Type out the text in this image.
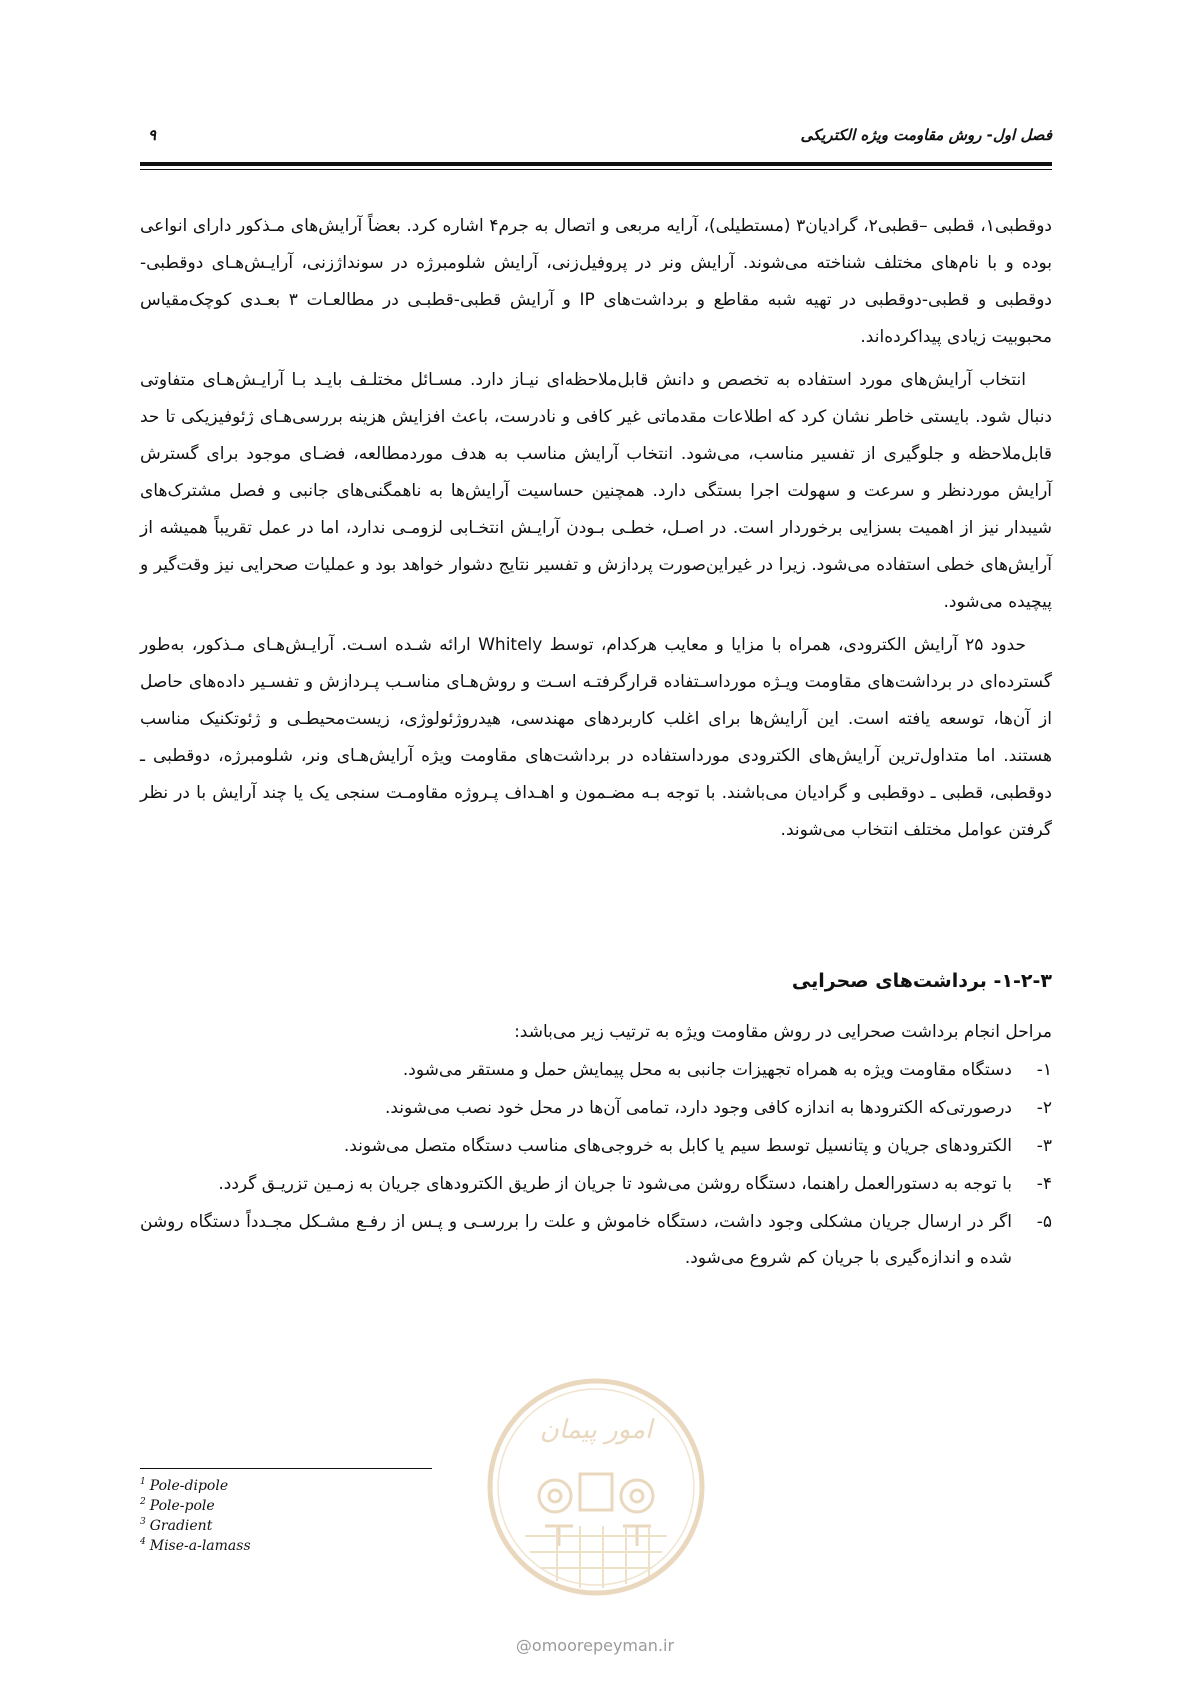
فصل اول- روش مقاومت ویژه الکتریکی
۹

دوقطبی۱، قطبی –قطبی۲، گرادیان۳ (مستطیلی)، آرایه مربعی و اتصال به جرم۴ اشاره کرد. بعضاً آرایش‌های مـذکور دارای انواعی بوده و با نام‌های مختلف شناخته می‌شوند. آرایش ونر در پروفیل‌زنی، آرایش شلومبرژه در سونداژزنی، آرایـش‌هـای دوقطبی-دوقطبی و قطبی-دوقطبی در تهیه شبه مقاطع و برداشت‌های IP و آرایش قطبی-قطبـی در مطالعـات ۳ بعـدی کوچک‌مقیاس محبوبیت زیادی پیداکرده‌اند.

انتخاب آرایش‌های مورد استفاده به تخصص و دانش قابل‌ملاحظه‌ای نیـاز دارد. مسـائل مختلـف بایـد بـا آرایـش‌هـای متفاوتی دنبال شود. بایستی خاطر نشان کرد که اطلاعات مقدماتی غیر کافی و نادرست، باعث افزایش هزینه بررسی‌هـای ژئوفیزیکی تا حد قابل‌ملاحظه و جلوگیری از تفسیر مناسب، می‌شود. انتخاب آرایش مناسب به هدف موردمطالعه، فضـای موجود برای گسترش آرایش موردنظر و سرعت و سهولت اجرا بستگی دارد. همچنین حساسیت آرایش‌ها به ناهمگنی‌های جانبی و فصل مشترک‌های شیبدار نیز از اهمیت بسزایی برخوردار است. در اصـل، خطـی بـودن آرایـش انتخـابی لزومـی ندارد، اما در عمل تقریباً همیشه از آرایش‌های خطی استفاده می‌شود. زیرا در غیراین‌صورت پردازش و تفسیر نتایج دشوار خواهد بود و عملیات صحرایی نیز وقت‌گیر و پیچیده می‌شود.

حدود ۲۵ آرایش الکترودی، همراه با مزایا و معایب هرکدام، توسط Whitely ارائه شـده اسـت. آرایـش‌هـای مـذکور، به‌طور گسترده‌ای در برداشت‌های مقاومت ویـژه مورداسـتفاده قرارگرفتـه اسـت و روش‌هـای مناسـب پـردازش و تفسـیر داده‌های حاصل از آن‌ها، توسعه یافته است. این آرایش‌ها برای اغلب کاربردهای مهندسی، هیدروژئولوژی، زیست‌محیطـی و ژئوتکنیک مناسب هستند. اما متداول‌ترین آرایش‌های الکترودی مورداستفاده در برداشت‌های مقاومت ویژه آرایش‌هـای ونر، شلومبرژه، دوقطبی ـ دوقطبی، قطبی ـ دوقطبی و گرادیان می‌باشند. با توجه بـه مضـمون و اهـداف پـروژه مقاومـت سنجی یک یا چند آرایش با در نظر گرفتن عوامل مختلف انتخاب می‌شوند.

۱-۲-۳- برداشت‌های صحرایی
مراحل انجام برداشت صحرایی در روش مقاومت ویژه به ترتیب زیر می‌باشد:
۱-
دستگاه مقاومت ویژه به همراه تجهیزات جانبی به محل پیمایش حمل و مستقر می‌شود.
۲-
درصورتی‌که الکترودها به اندازه کافی وجود دارد، تمامی آن‌ها در محل خود نصب می‌شوند.
۳-
الکترودهای جریان و پتانسیل توسط سیم یا کابل به خروجی‌های مناسب دستگاه متصل می‌شوند.
۴-
با توجه به دستورالعمل راهنما، دستگاه روشن می‌شود تا جریان از طریق الکترودهای جریان به زمـین تزریـق گردد.
۵-
اگر در ارسال جریان مشکلی وجود داشت، دستگاه خاموش و علت را بررسـی و پـس از رفـع مشـکل مجـدداً دستگاه روشن شده و اندازه‌گیری با جریان کم شروع می‌شود.
$^1$ Pole-dipole
$^2$ Pole-pole
$^3$ Gradient
$^4$ Mise-a-lamass
امور پیمان
@omoorepeyman.ir
